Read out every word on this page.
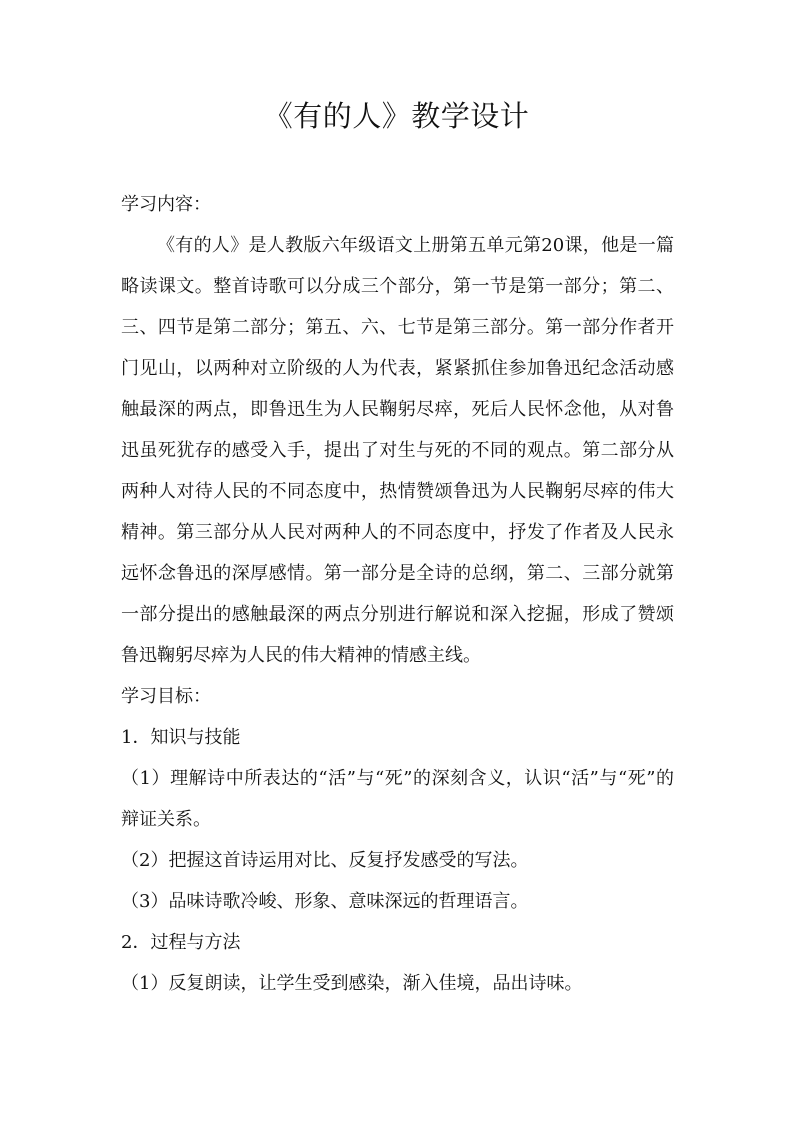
《有的人》教学设计

学习内容：

《有的人》是人教版六年级语文上册第五单元第20课，他是一篇略读课文。整首诗歌可以分成三个部分，第一节是第一部分；第二、三、四节是第二部分；第五、六、七节是第三部分。第一部分作者开门见山，以两种对立阶级的人为代表，紧紧抓住参加鲁迅纪念活动感触最深的两点，即鲁迅生为人民鞠躬尽瘁，死后人民怀念他，从对鲁迅虽死犹存的感受入手，提出了对生与死的不同的观点。第二部分从两种人对待人民的不同态度中，热情赞颂鲁迅为人民鞠躬尽瘁的伟大精神。第三部分从人民对两种人的不同态度中，抒发了作者及人民永远怀念鲁迅的深厚感情。第一部分是全诗的总纲，第二、三部分就第一部分提出的感触最深的两点分别进行解说和深入挖掘，形成了赞颂鲁迅鞠躬尽瘁为人民的伟大精神的情感主线。

学习目标：

1．知识与技能

（1）理解诗中所表达的“活”与“死”的深刻含义，认识“活”与“死”的辩证关系。

（2）把握这首诗运用对比、反复抒发感受的写法。

（3）品味诗歌冷峻、形象、意味深远的哲理语言。

2．过程与方法

（1）反复朗读，让学生受到感染，渐入佳境，品出诗味。
